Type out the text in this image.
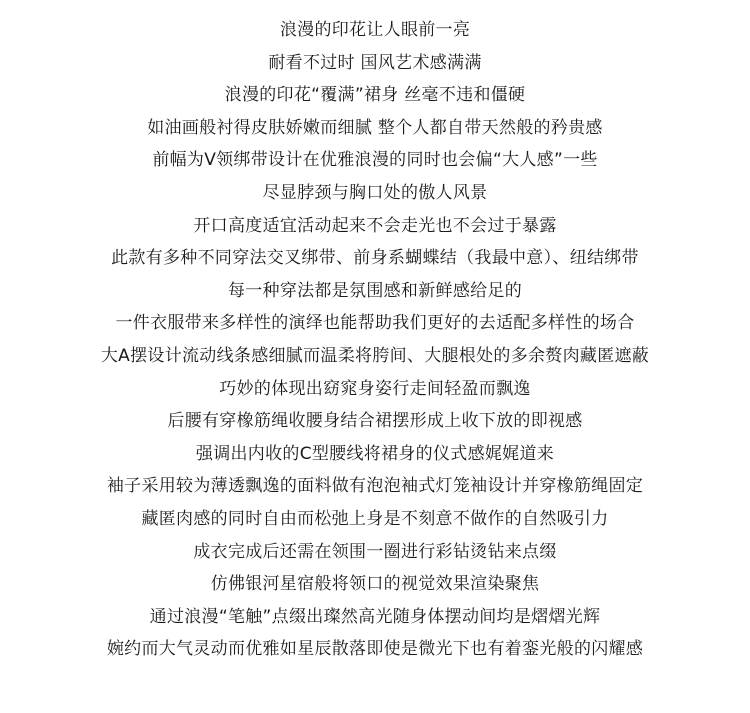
浪漫的印花让人眼前一亮
耐看不过时 国风艺术感满满
浪漫的印花“覆满”裙身 丝毫不违和僵硬
如油画般衬得皮肤娇嫩而细腻 整个人都自带天然般的矜贵感
前幅为V领绑带设计在优雅浪漫的同时也会偏“大人感”一些
尽显脖颈与胸口处的傲人风景
开口高度适宜活动起来不会走光也不会过于暴露
此款有多种不同穿法交叉绑带、前身系蝴蝶结（我最中意）、纽结绑带
每一种穿法都是氛围感和新鲜感给足的
一件衣服带来多样性的演绎也能帮助我们更好的去适配多样性的场合
大A摆设计流动线条感细腻而温柔将胯间、大腿根处的多余赘肉藏匿遮蔽
巧妙的体现出窈窕身姿行走间轻盈而飘逸
后腰有穿橡筋绳收腰身结合裙摆形成上收下放的即视感
强调出内收的C型腰线将裙身的仪式感娓娓道来
袖子采用较为薄透飘逸的面料做有泡泡袖式灯笼袖设计并穿橡筋绳固定
藏匿肉感的同时自由而松弛上身是不刻意不做作的自然吸引力
成衣完成后还需在领围一圈进行彩钻烫钻来点缀
仿佛银河星宿般将领口的视觉效果渲染聚焦
通过浪漫“笔触”点缀出璨然高光随身体摆动间均是熠熠光辉
婉约而大气灵动而优雅如星辰散落即使是微光下也有着銮光般的闪耀感
